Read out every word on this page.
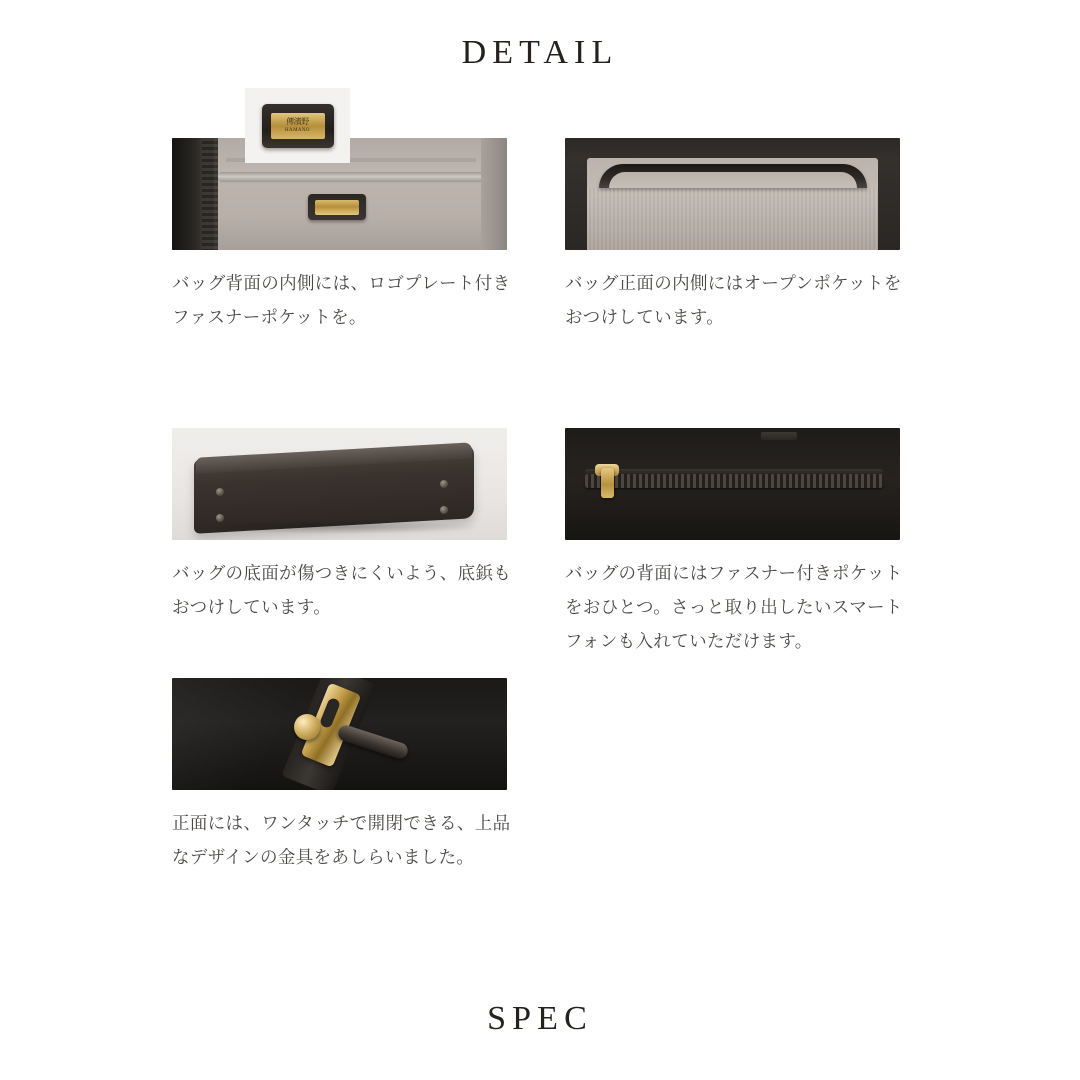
DETAIL
バッグ背面の内側には、ロゴプレート付きファスナーポケットを。
バッグ正面の内側にはオープンポケットをおつけしています。
バッグの底面が傷つきにくいよう、底鋲もおつけしています。
バッグの背面にはファスナー付きポケットをおひとつ。さっと取り出したいスマートフォンも入れていただけます。
正面には、ワンタッチで開閉できる、上品なデザインの金具をあしらいました。
傳濱野
HAMANO
SPEC
